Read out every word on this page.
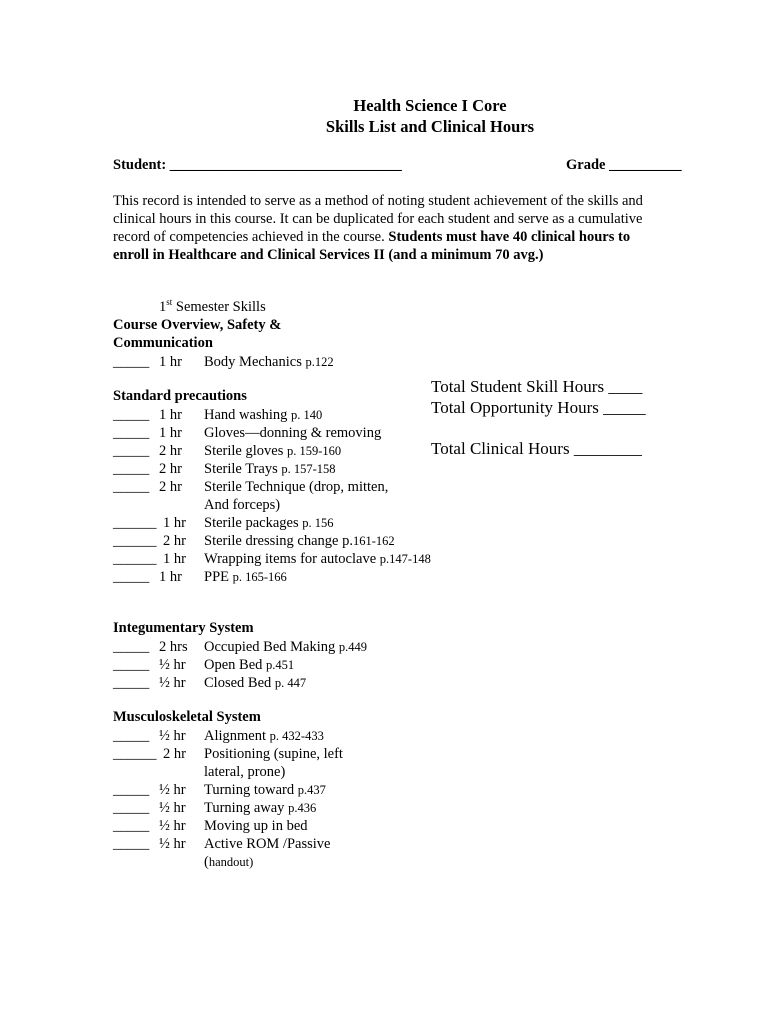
Health Science I Core
Skills List and Clinical Hours
Student: ________________________________	Grade __________
This record is intended to serve as a method of noting student achievement of the skills and clinical hours in this course. It can be duplicated for each student and serve as a cumulative record of competencies achieved in the course. Students must have 40 clinical hours to enroll in Healthcare and Clinical Services II (and a minimum 70 avg.)
1st Semester Skills
Course Overview, Safety &
Communication
_____ 1 hr Body Mechanics p.122
Standard precautions
_____ 1 hr Hand washing p. 140
_____ 1 hr Gloves—donning & removing
_____ 2 hr Sterile gloves p. 159-160
_____ 2 hr Sterile Trays p. 157-158
_____ 2 hr Sterile Technique (drop, mitten,
And forceps)
______ 1 hr Sterile packages p. 156
______ 2 hr Sterile dressing change p.161-162
______ 1 hr Wrapping items for autoclave p.147-148
_____ 1 hr PPE p. 165-166
Integumentary System
_____ 2 hrs Occupied Bed Making p.449
_____ ½ hr Open Bed p.451
_____ ½ hr Closed Bed p. 447
Musculoskeletal System
_____ ½ hr Alignment p. 432-433
______ 2 hr Positioning (supine, left
lateral, prone)
_____ ½ hr Turning toward p.437
_____ ½ hr Turning away p.436
_____ ½ hr Moving up in bed
_____ ½ hr Active ROM /Passive
(handout)
Total Student Skill Hours ____
Total Opportunity Hours _____
Total Clinical Hours ________
